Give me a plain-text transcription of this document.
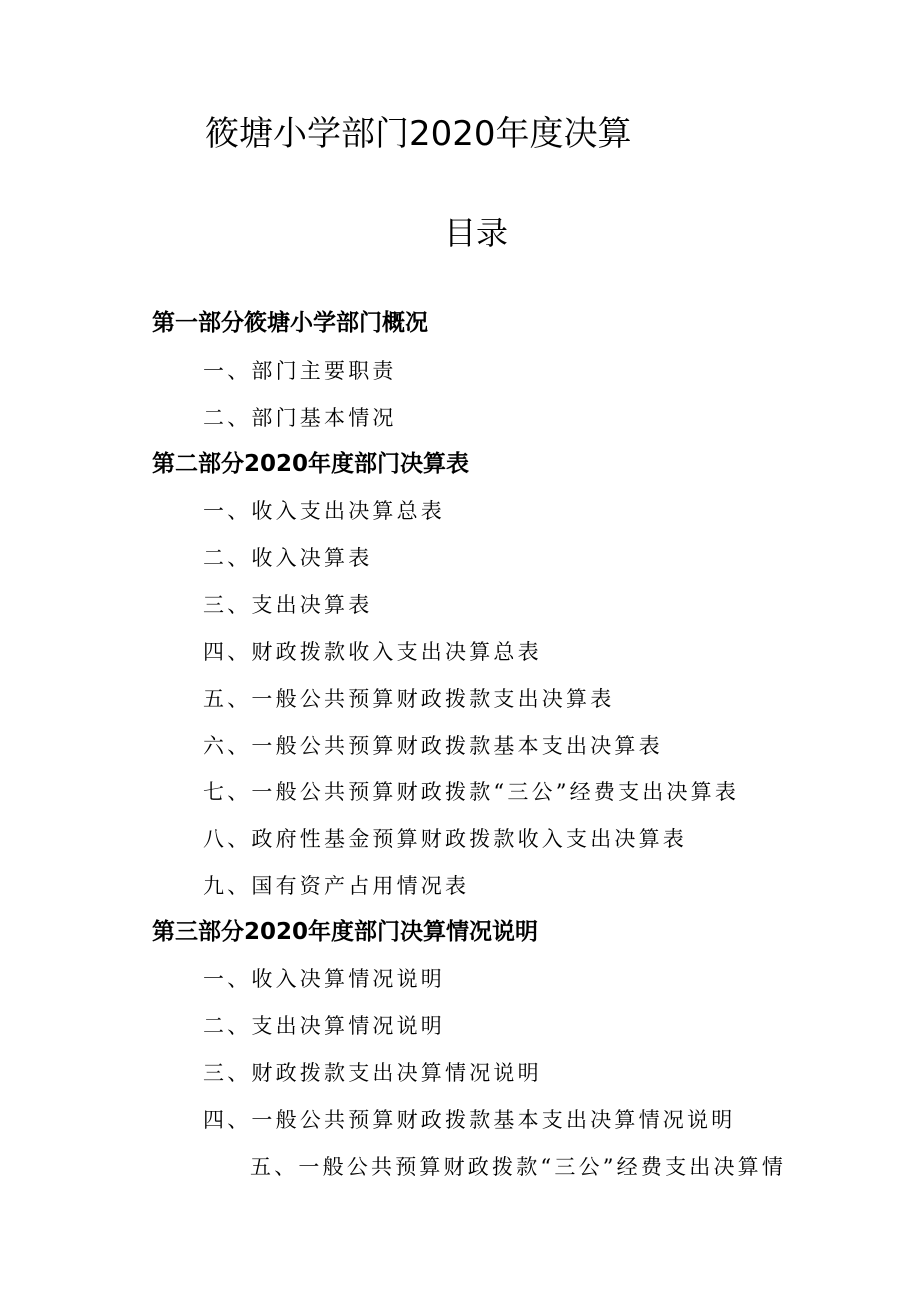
筱塘小学部门2020年度决算
目录
第一部分筱塘小学部门概况
一、部门主要职责
二、部门基本情况
第二部分2020年度部门决算表
一、收入支出决算总表
二、收入决算表
三、支出决算表
四、财政拨款收入支出决算总表
五、一般公共预算财政拨款支出决算表
六、一般公共预算财政拨款基本支出决算表
七、一般公共预算财政拨款“三公”经费支出决算表
八、政府性基金预算财政拨款收入支出决算表
九、国有资产占用情况表
第三部分2020年度部门决算情况说明
一、收入决算情况说明
二、支出决算情况说明
三、财政拨款支出决算情况说明
四、一般公共预算财政拨款基本支出决算情况说明
五、一般公共预算财政拨款“三公”经费支出决算情
